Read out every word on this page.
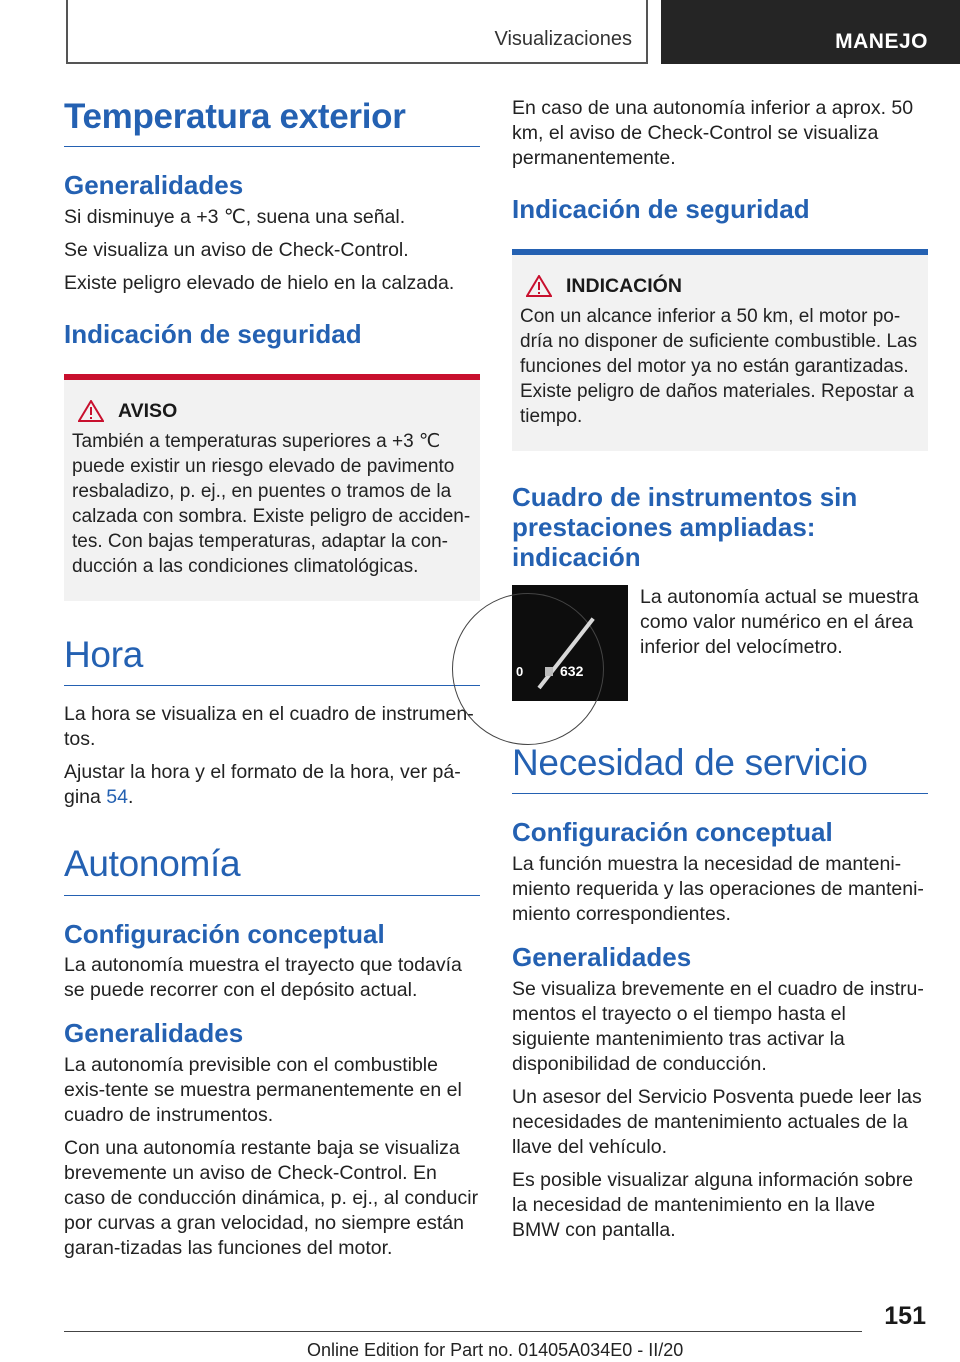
Visualizaciones	MANEJO
Temperatura exterior
Generalidades

Si disminuye a +3 ℃, suena una señal.

Se visualiza un aviso de Check-Control.

Existe peligro elevado de hielo en la calzada.

Indicación de seguridad
AVISO

También a temperaturas superiores a +3 ℃ puede existir un riesgo elevado de pavimento resbaladizo, p. ej., en puentes o tramos de la calzada con sombra. Existe peligro de acciden-tes. Con bajas temperaturas, adaptar la con-ducción a las condiciones climatológicas.

Hora

La hora se visualiza en el cuadro de instrumen-tos.

Ajustar la hora y el formato de la hora, ver pá-gina 54.

Autonomía
Configuración conceptual

La autonomía muestra el trayecto que todavía se puede recorrer con el depósito actual.

Generalidades

La autonomía previsible con el combustible exis-tente se muestra permanentemente en el cuadro de instrumentos.

Con una autonomía restante baja se visualiza brevemente un aviso de Check-Control. En caso de conducción dinámica, p. ej., al conducir por curvas a gran velocidad, no siempre están garan-tizadas las funciones del motor.

En caso de una autonomía inferior a aprox. 50 km, el aviso de Check-Control se visualiza permanentemente.

Indicación de seguridad
INDICACIÓN

Con un alcance inferior a 50 km, el motor po-dría no disponer de suficiente combustible. Las funciones del motor ya no están garantizadas. Existe peligro de daños materiales. Repostar a tiempo.

Cuadro de instrumentos sin prestaciones ampliadas: indicación
0	632

La autonomía actual se muestra como valor numérico en el área inferior del velocímetro.

Necesidad de servicio
Configuración conceptual

La función muestra la necesidad de manteni-miento requerida y las operaciones de manteni-miento correspondientes.

Generalidades

Se visualiza brevemente en el cuadro de instru-mentos el trayecto o el tiempo hasta el siguiente mantenimiento tras activar la disponibilidad de conducción.

Un asesor del Servicio Posventa puede leer las necesidades de mantenimiento actuales de la llave del vehículo.

Es posible visualizar alguna información sobre la necesidad de mantenimiento en la llave BMW con pantalla.

151
Online Edition for Part no. 01405A034E0 - II/20
